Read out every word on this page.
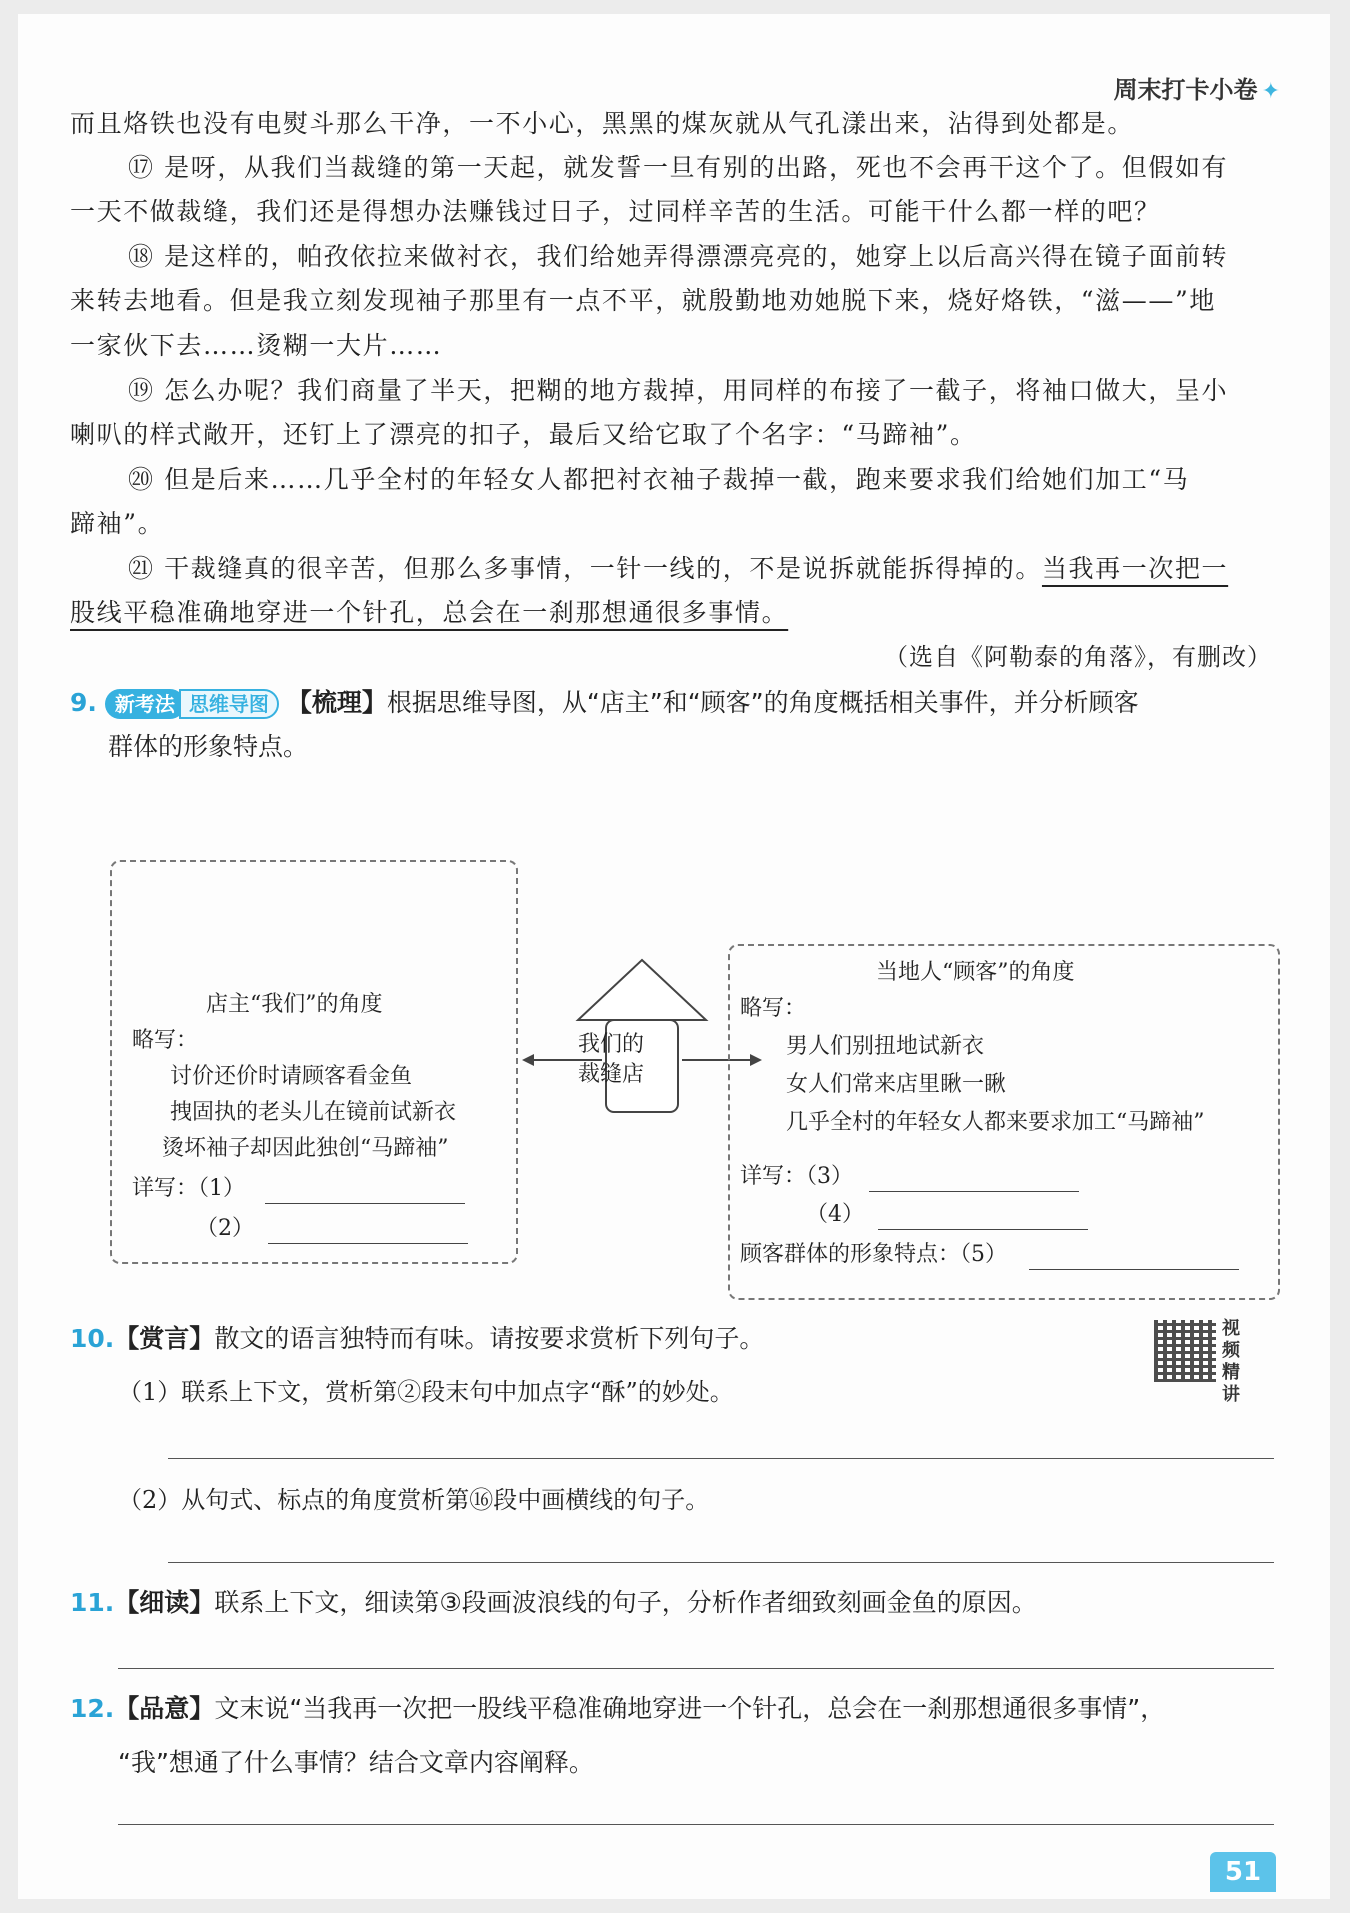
周末打卡小卷 ✦
而且烙铁也没有电熨斗那么干净，一不小心，黑黑的煤灰就从气孔漾出来，沾得到处都是。
⑰ 是呀，从我们当裁缝的第一天起，就发誓一旦有别的出路，死也不会再干这个了。但假如有
一天不做裁缝，我们还是得想办法赚钱过日子，过同样辛苦的生活。可能干什么都一样的吧？
⑱ 是这样的，帕孜依拉来做衬衣，我们给她弄得漂漂亮亮的，她穿上以后高兴得在镜子面前转
来转去地看。但是我立刻发现袖子那里有一点不平，就殷勤地劝她脱下来，烧好烙铁，“滋——”地
一家伙下去……烫糊一大片……
⑲ 怎么办呢？我们商量了半天，把糊的地方裁掉，用同样的布接了一截子，将袖口做大，呈小
喇叭的样式敞开，还钉上了漂亮的扣子，最后又给它取了个名字：“马蹄袖”。
⑳ 但是后来……几乎全村的年轻女人都把衬衣袖子裁掉一截，跑来要求我们给她们加工“马
蹄袖”。
㉑ 干裁缝真的很辛苦，但那么多事情，一针一线的，不是说拆就能拆得掉的。当我再一次把一
股线平稳准确地穿进一个针孔，总会在一刹那想通很多事情。
（选自《阿勒泰的角落》，有删改）
9. 新考法 思维导图 【梳理】根据思维导图，从“店主”和“顾客”的角度概括相关事件，并分析顾客
群体的形象特点。
店主“我们”的角度
略写：
讨价还价时请顾客看金鱼
拽固执的老头儿在镜前试新衣
烫坏袖子却因此独创“马蹄袖”
详写：（1）
（2）
我们的
裁缝店
当地人“顾客”的角度
略写：
男人们别扭地试新衣
女人们常来店里瞅一瞅
几乎全村的年轻女人都来要求加工“马蹄袖”
详写：（3）
（4）
顾客群体的形象特点：（5）
10.【赏言】散文的语言独特而有味。请按要求赏析下列句子。	视频精讲
（1）联系上下文，赏析第②段末句中加点字“酥”的妙处。
（2）从句式、标点的角度赏析第⑯段中画横线的句子。
11.【细读】联系上下文，细读第③段画波浪线的句子，分析作者细致刻画金鱼的原因。
12.【品意】文末说“当我再一次把一股线平稳准确地穿进一个针孔，总会在一刹那想通很多事情”，
“我”想通了什么事情？结合文章内容阐释。
51
